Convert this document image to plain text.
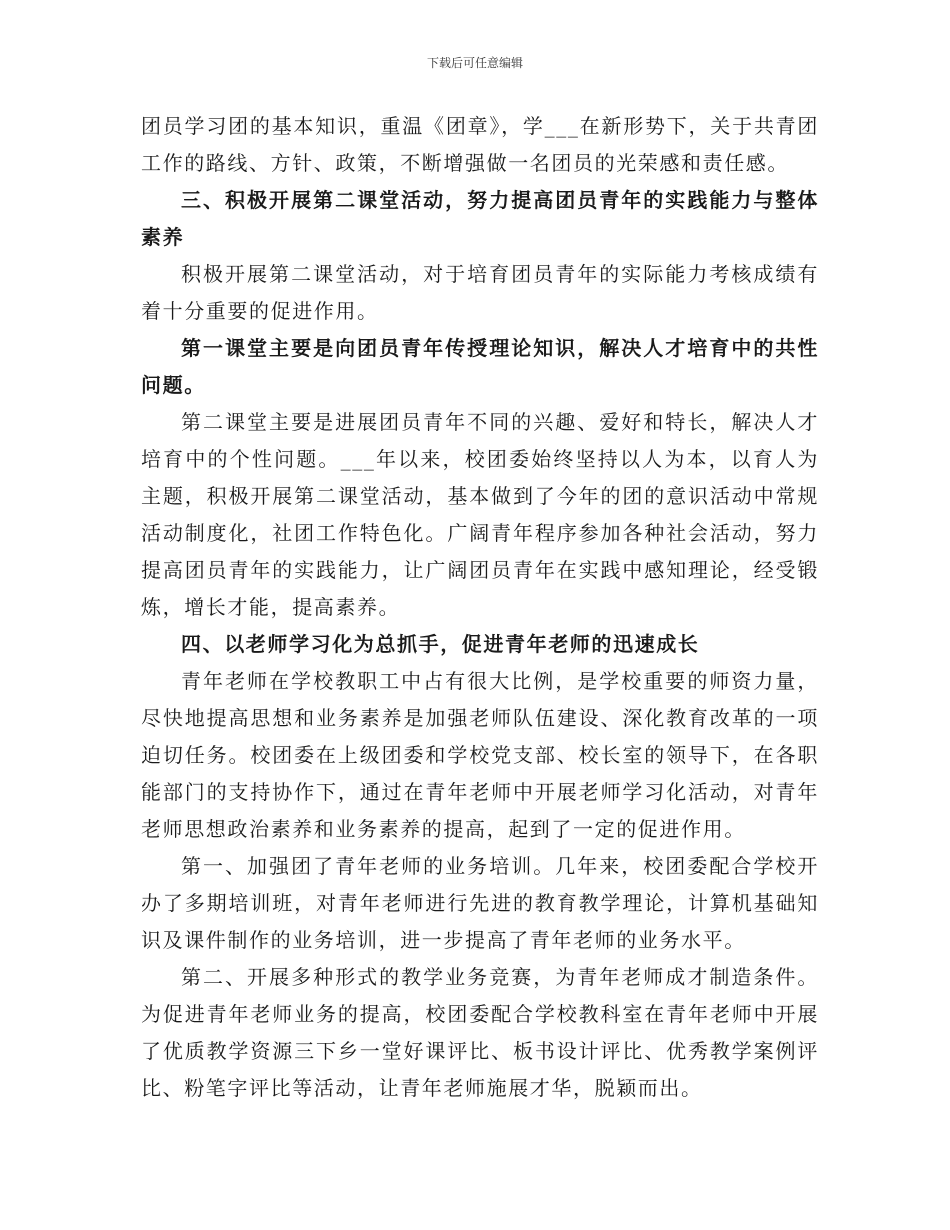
下载后可任意编辑

团员学习团的基本知识，重温《团章》，学___在新形势下，关于共青团工作的路线、方针、政策，不断增强做一名团员的光荣感和责任感。

三、积极开展第二课堂活动，努力提高团员青年的实践能力与整体素养

积极开展第二课堂活动，对于培育团员青年的实际能力考核成绩有着十分重要的促进作用。

第一课堂主要是向团员青年传授理论知识，解决人才培育中的共性问题。

第二课堂主要是进展团员青年不同的兴趣、爱好和特长，解决人才培育中的个性问题。___年以来，校团委始终坚持以人为本，以育人为主题，积极开展第二课堂活动，基本做到了今年的团的意识活动中常规活动制度化，社团工作特色化。广阔青年程序参加各种社会活动，努力提高团员青年的实践能力，让广阔团员青年在实践中感知理论，经受锻炼，增长才能，提高素养。

四、以老师学习化为总抓手，促进青年老师的迅速成长

青年老师在学校教职工中占有很大比例，是学校重要的师资力量，尽快地提高思想和业务素养是加强老师队伍建设、深化教育改革的一项迫切任务。校团委在上级团委和学校党支部、校长室的领导下，在各职能部门的支持协作下，通过在青年老师中开展老师学习化活动，对青年老师思想政治素养和业务素养的提高，起到了一定的促进作用。

第一、加强团了青年老师的业务培训。几年来，校团委配合学校开办了多期培训班，对青年老师进行先进的教育教学理论，计算机基础知识及课件制作的业务培训，进一步提高了青年老师的业务水平。

第二、开展多种形式的教学业务竞赛，为青年老师成才制造条件。为促进青年老师业务的提高，校团委配合学校教科室在青年老师中开展了优质教学资源三下乡一堂好课评比、板书设计评比、优秀教学案例评比、粉笔字评比等活动，让青年老师施展才华，脱颖而出。
